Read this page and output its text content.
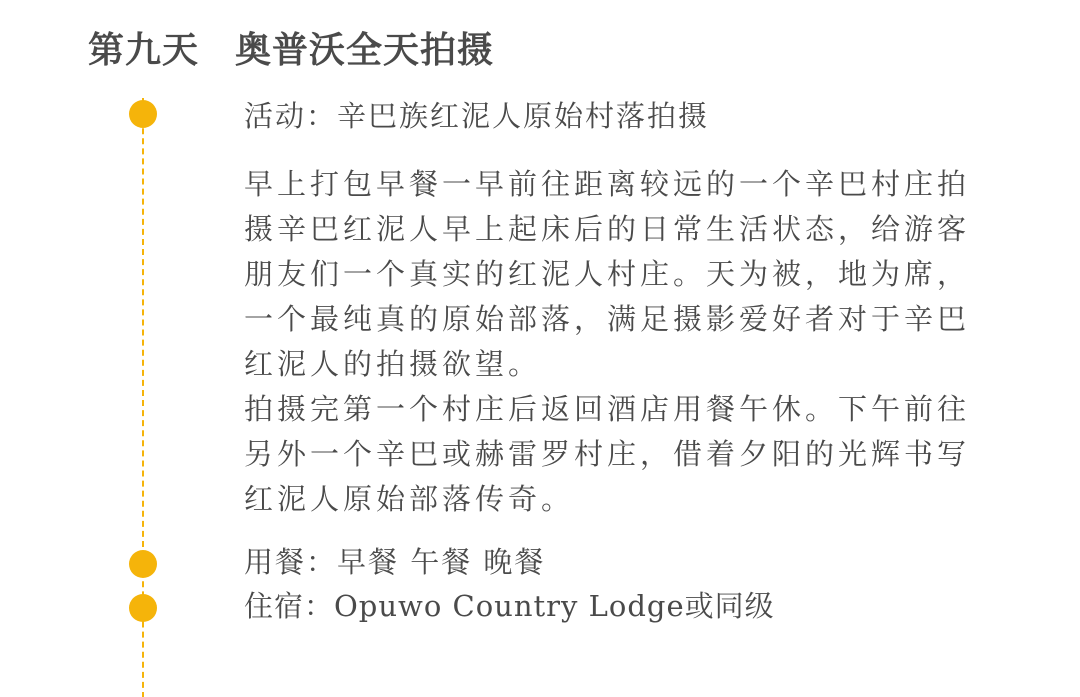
第九天 奥普沃全天拍摄
活动：辛巴族红泥人原始村落拍摄
早上打包早餐一早前往距离较远的一个辛巴村庄拍
摄辛巴红泥人早上起床后的日常生活状态，给游客
朋友们一个真实的红泥人村庄。天为被，地为席，
一个最纯真的原始部落，满足摄影爱好者对于辛巴
红泥人的拍摄欲望。
拍摄完第一个村庄后返回酒店用餐午休。下午前往
另外一个辛巴或赫雷罗村庄，借着夕阳的光辉书写
红泥人原始部落传奇。
用餐：早餐 午餐 晚餐
住宿：Opuwo Country Lodge或同级
